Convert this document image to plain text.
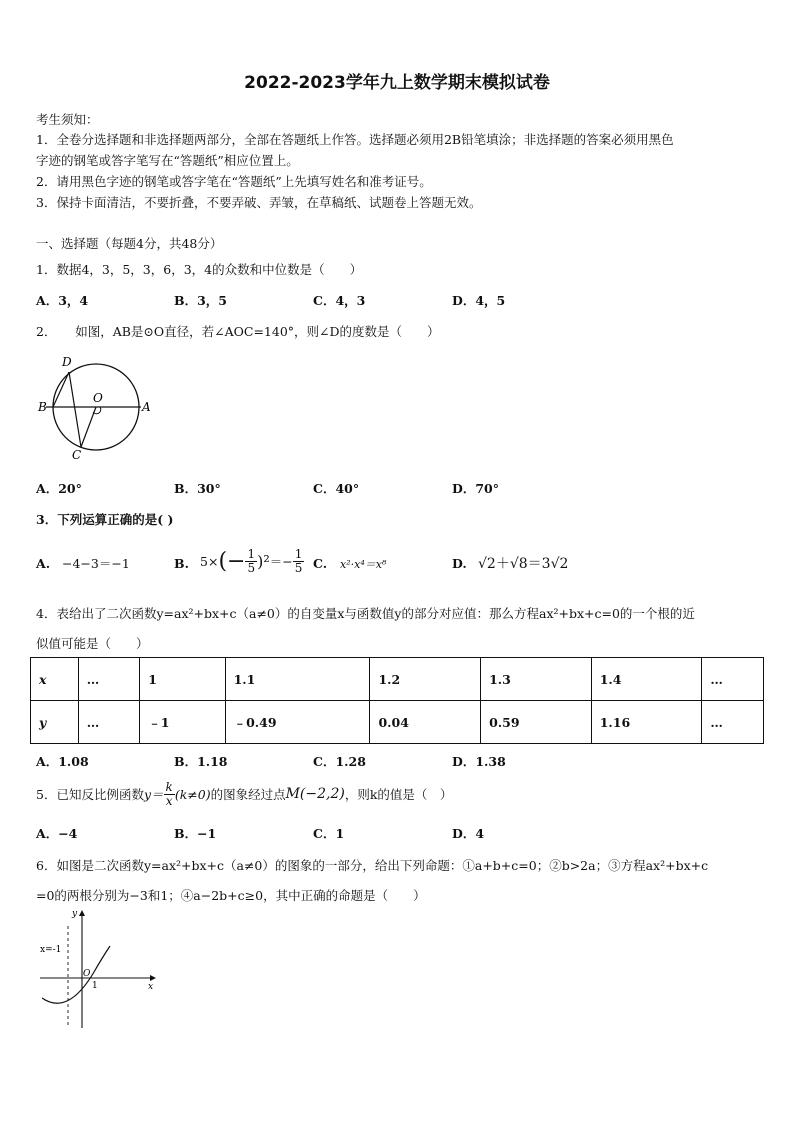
2022-2023学年九上数学期末模拟试卷
考生须知：
1．全卷分选择题和非选择题两部分，全部在答题纸上作答。选择题必须用2B铅笔填涂；非选择题的答案必须用黑色
字迹的钢笔或答字笔写在“答题纸”相应位置上。
2．请用黑色字迹的钢笔或答字笔在“答题纸”上先填写姓名和准考证号。
3．保持卡面清洁，不要折叠，不要弄破、弄皱，在草稿纸、试题卷上答题无效。
一、选择题（每题4分，共48分）
1．数据4，3，5，3，6，3，4的众数和中位数是（　　）
A．3，4	B．3，5	C．4，3	D．4，5
2．　　如图，AB是⊙O直径，若∠AOC=140°，则∠D的度数是（　　）
D
B
O
A
C
A．20°	B．30°	C．40°	D．70°
3．下列运算正确的是( )
A. −4−3＝−1	B. 5× (− $\frac{1}{5} )^2 =- \frac{1}{5} C$. x²·x⁴＝x⁸	D. √2＋√8＝3√2
4．表给出了二次函数y=ax²+bx+c（a≠0）的自变量x与函数值y的部分对应值：那么方程ax²+bx+c=0的一个根的近
似值可能是（　　）
x	…	1	1.1	1.2	1.3	1.4	…
y	…	﹣1	﹣0.49	0.04	0.59	1.16	…
A．1.08	B．1.18	C．1.28	D．1.38
5．已知反比例函数 $y= \frac{k}{x} (k\ne 0)$ 的图象经过点 M(−2,2) ，则k的值是（　）
A．−4	B．−1	C．1	D．4
6．如图是二次函数y=ax²+bx+c（a≠0）的图象的一部分，给出下列命题：①a+b+c=0；②b>2a；③方程ax²+bx+c
=0的两根分别为−3和1；④a−2b+c≥0，其中正确的命题是（　　）
y
x
x=-1
O
1
